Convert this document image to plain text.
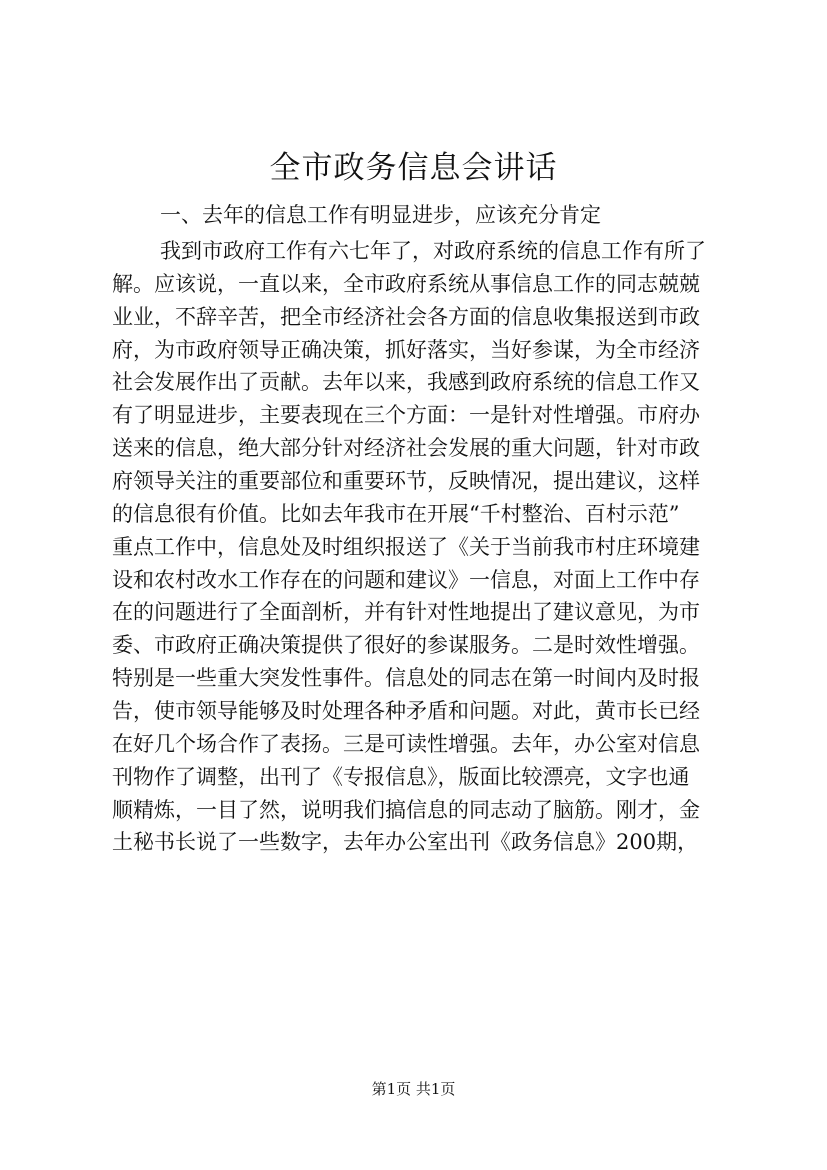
全市政务信息会讲话
一、去年的信息工作有明显进步，应该充分肯定
我到市政府工作有六七年了，对政府系统的信息工作有所了
解。应该说，一直以来，全市政府系统从事信息工作的同志兢兢
业业，不辞辛苦，把全市经济社会各方面的信息收集报送到市政
府，为市政府领导正确决策，抓好落实，当好参谋，为全市经济
社会发展作出了贡献。去年以来，我感到政府系统的信息工作又
有了明显进步，主要表现在三个方面：一是针对性增强。市府办
送来的信息，绝大部分针对经济社会发展的重大问题，针对市政
府领导关注的重要部位和重要环节，反映情况，提出建议，这样
的信息很有价值。比如去年我市在开展“千村整治、百村示范”
重点工作中，信息处及时组织报送了《关于当前我市村庄环境建
设和农村改水工作存在的问题和建议》一信息，对面上工作中存
在的问题进行了全面剖析，并有针对性地提出了建议意见，为市
委、市政府正确决策提供了很好的参谋服务。二是时效性增强。
特别是一些重大突发性事件。信息处的同志在第一时间内及时报
告，使市领导能够及时处理各种矛盾和问题。对此，黄市长已经
在好几个场合作了表扬。三是可读性增强。去年，办公室对信息
刊物作了调整，出刊了《专报信息》，版面比较漂亮，文字也通
顺精炼，一目了然，说明我们搞信息的同志动了脑筋。刚才，金
土秘书长说了一些数字，去年办公室出刊《政务信息》200期，
第1页 共1页
